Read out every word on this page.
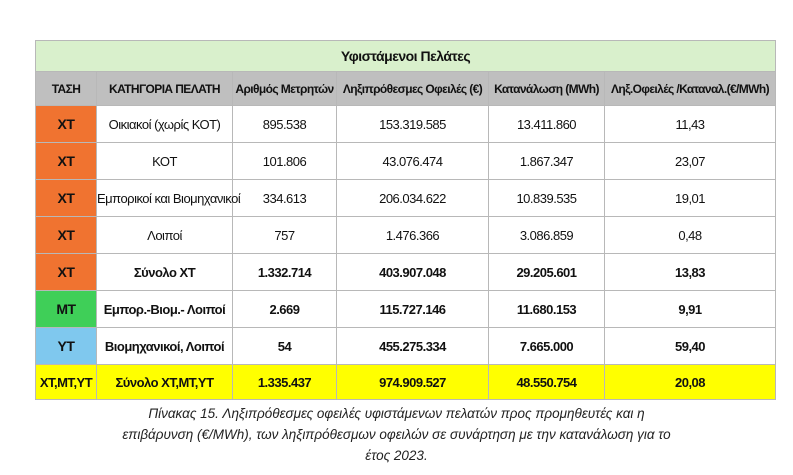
Υφιστάμενοι Πελάτες					
ΤΑΣΗ	ΚΑΤΗΓΟΡΙΑ ΠΕΛΑΤΗ	Αριθμός Μετρητών	Ληξιπρόθεσμες Οφειλές (€)	Κατανάλωση (MWh)	Ληξ.Οφειλές /Καταναλ.(€/MWh)
ΧΤ	Οικιακοί (χωρίς ΚΟΤ)	895.538	153.319.585	13.411.860	11,43
ΧΤ	ΚΟΤ	101.806	43.076.474	1.867.347	23,07
ΧΤ	Εμπορικοί και Βιομηχανικοί	334.613	206.034.622	10.839.535	19,01
ΧΤ	Λοιποί	757	1.476.366	3.086.859	0,48
ΧΤ	Σύνολο ΧΤ	1.332.714	403.907.048	29.205.601	13,83
ΜΤ	Εμπορ.-Βιομ.- Λοιποί	2.669	115.727.146	11.680.153	9,91
ΥΤ	Βιομηχανικοί, Λοιποί	54	455.275.334	7.665.000	59,40
ΧΤ,ΜΤ,ΥΤ	Σύνολο ΧΤ,ΜΤ,ΥΤ	1.335.437	974.909.527	48.550.754	20,08
Πίνακας 15. Ληξιπρόθεσμες οφειλές υφιστάμενων πελατών προς προμηθευτές και η
επιβάρυνση (€/MWh), των ληξιπρόθεσμων οφειλών σε συνάρτηση με την κατανάλωση για το
έτος 2023.
